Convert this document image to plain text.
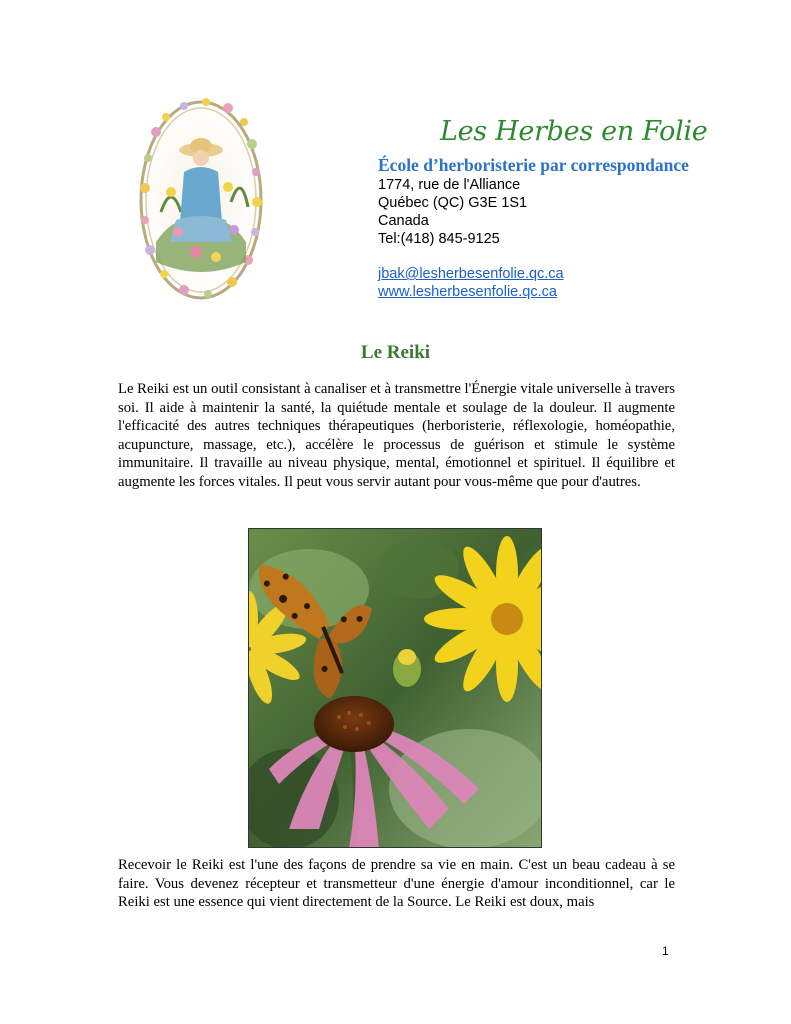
Les Herbes en Folie
École d’herboristerie par correspondance
1774, rue de l'Alliance
Québec (QC) G3E 1S1
Canada
Tel:(418) 845-9125
jbak@lesherbesenfolie.qc.ca
www.lesherbesenfolie.qc.ca
Le Reiki

Le Reiki est un outil consistant à canaliser et à transmettre l'Énergie vitale universelle à travers soi. Il aide à maintenir la santé, la quiétude mentale et soulage de la douleur. Il augmente l'efficacité des autres techniques thérapeutiques (herboristerie, réflexologie, homéopathie, acupuncture, massage, etc.), accélère le processus de guérison et stimule le système immunitaire. Il travaille au niveau physique, mental, émotionnel et spirituel. Il équilibre et augmente les forces vitales. Il peut vous servir autant pour vous-même que pour d'autres.

Recevoir le Reiki est l'une des façons de prendre sa vie en main. C'est un beau cadeau à se faire. Vous devenez récepteur et transmetteur d'une énergie d'amour inconditionnel, car le Reiki est une essence qui vient directement de la Source. Le Reiki est doux, mais

1
